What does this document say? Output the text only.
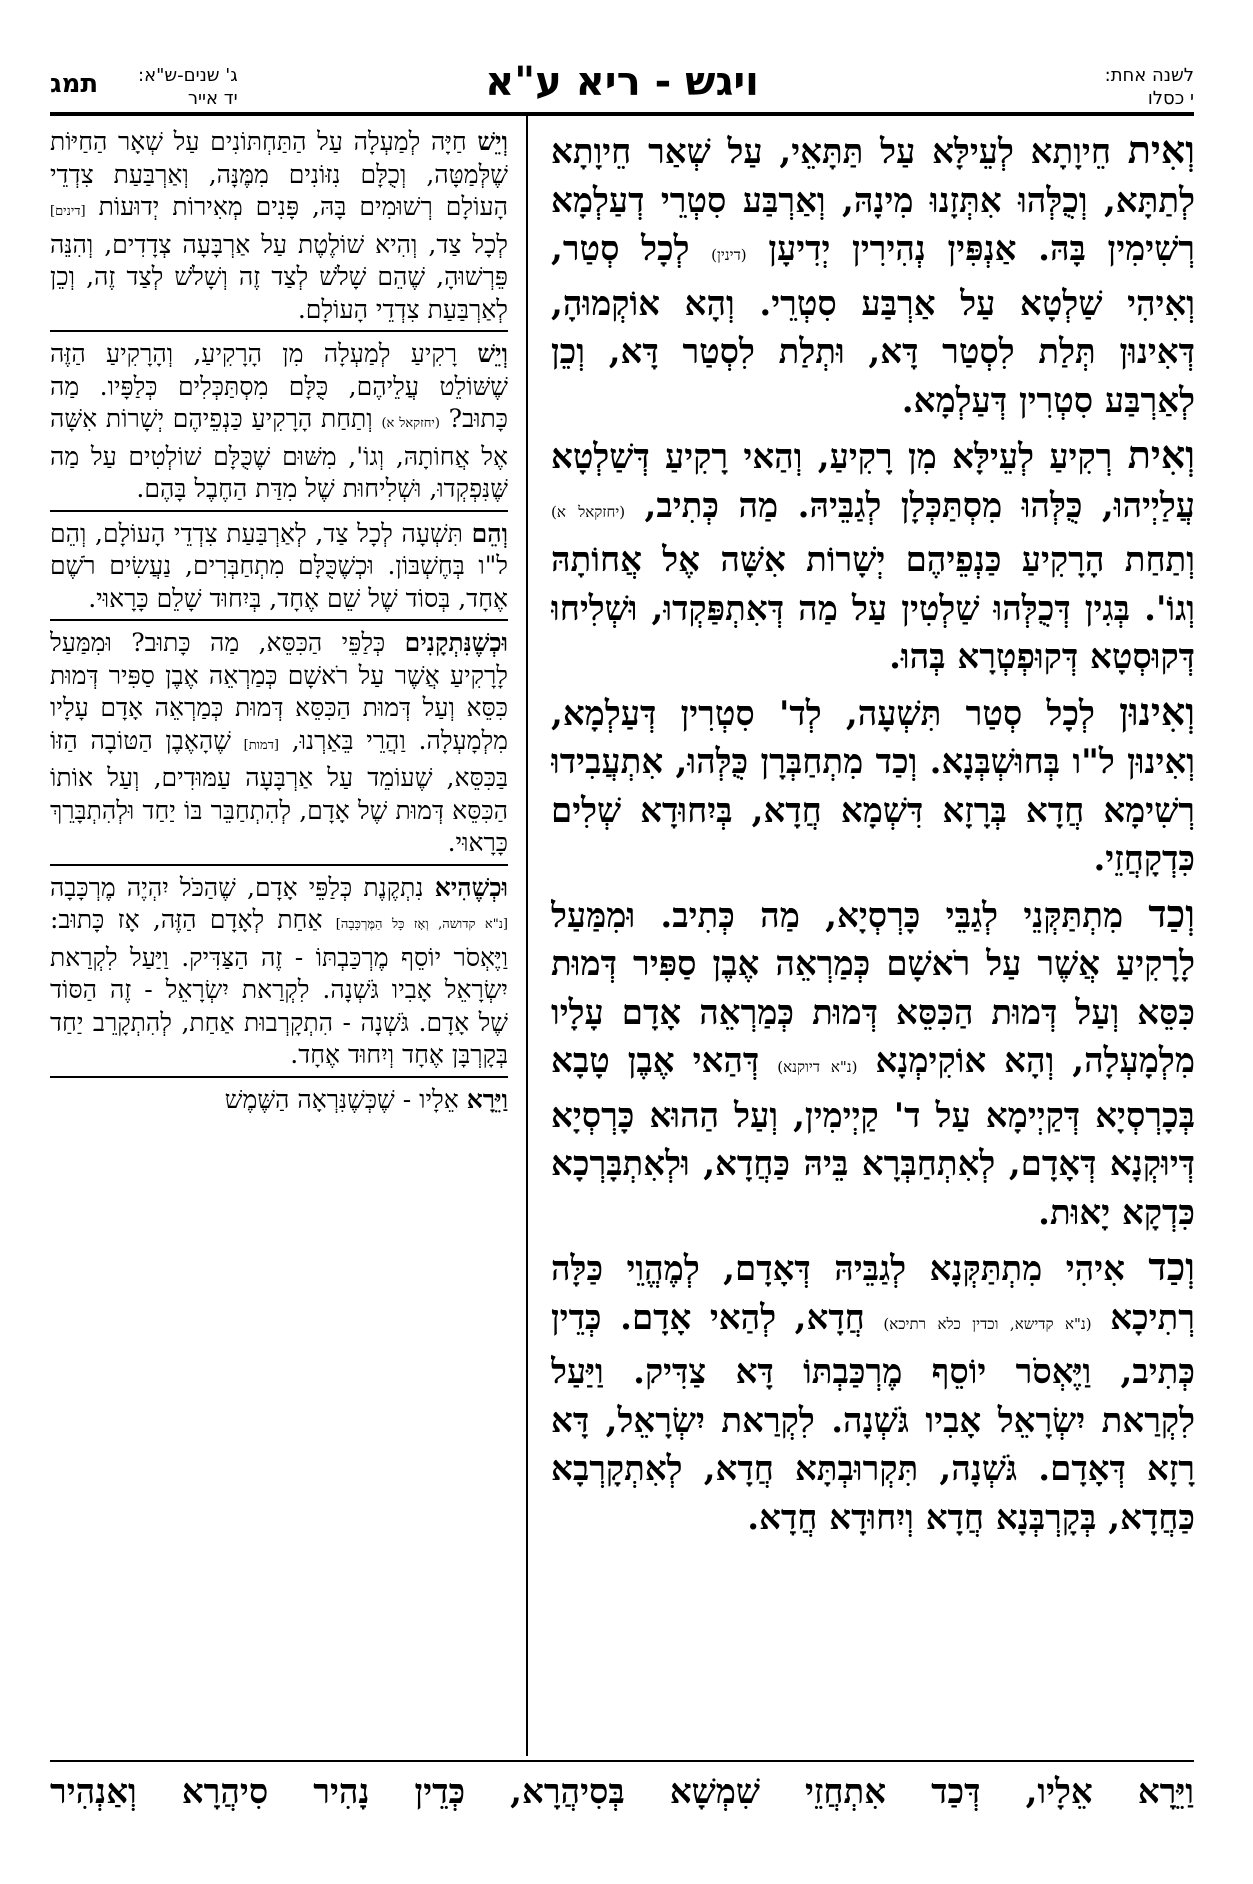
לשנה אחת:
י כסלו
ויגש - ריא ע"א
ג' שנים-ש"א:
יד אייר
תמג
וְאִית חֵיוָתָא לְעֵילָּא עַל תַּתָּאֵי, עַל שְׁאַר חֵיוָתָא לְתַתָּא, וְכֻלְּהוּ אִתְּזָנוּ מִינָהּ, וְאַרְבַּע סִטְרֵי דְעַלְמָא רְשִׁימִין בָּהּ. אַנְפִּין נְהִירִין יְדִיעָן (דינין) לְכָל סְטַר, וְאִיהִי שַׁלְטָא עַל אַרְבַּע סִטְרֵי. וְהָא אוֹקְמוּהָ, דְּאִינוּן תְּלַת לִסְטַר דָּא, וּתְלַת לִסְטַר דָּא, וְכֵן לְאַרְבַּע סִטְרִין דְּעַלְמָא.
וְאִית רְקִיעַ לְעֵילָּא מִן רָקִיעַ, וְהַאי רָקִיעַ דְּשַׁלְטָא עֲלַיְיהוּ, כֻּלְּהוּ מִסְתַּכְּלָן לְגַבֵּיהּ. מַה כְּתִיב, (יחזקאל א) וְתַחַת הָרָקִיעַ כַּנְפֵיהֶם יְשָׁרוֹת אִשָּׁה אֶל אֲחוֹתָהּ וְגוֹ'. בְּגִין דְּכֻלְּהוּ שַׁלְטִין עַל מַה דְּאִתְפַּקְדוּ, וּשְׁלִיחוּ דְּקוּסְטָא דְּקוּפְטְרָא בְּהוּ.
וְאִינוּן לְכָל סְטַר תִּשְׁעָה, לְד' סִטְרִין דְּעַלְמָא, וְאִינוּן ל"ו בְּחוּשְׁבְּנָא. וְכַד מִתְחַבְּרָן כֻּלְּהוּ, אִתְעֲבִידוּ רְשִׁימָא חֲדָא בְּרָזָא דִּשְׁמָא חֲדָא, בְּיִחוּדָא שְׁלִים כִּדְקָחֲזֵי.
וְכַד מִתְתַּקְּנֵי לְגַבֵּי כָּרְסְיָא, מַה כְּתִיב. וּמִמַּעַל לָרָקִיעַ אֲשֶׁר עַל רֹאשָׁם כְּמַרְאֵה אֶבֶן סַפִּיר דְּמוּת כִּסֵּא וְעַל דְּמוּת הַכִּסֵּא דְּמוּת כְּמַרְאֵה אָדָם עָלָיו מִלְמָעְלָה, וְהָא אוֹקִימְנָא (נ"א דיוקנא) דְּהַאי אֶבֶן טָבָא בְּכָרְסְיָא דְּקַיְימָא עַל ד' קַיְימִין, וְעַל הַהוּא כָּרְסְיָא דְּיוּקְנָא דְּאָדָם, לְאִתְחַבְּרָא בֵּיהּ כַּחֲדָא, וּלְאִתְבָּרְכָא כִּדְקָא יָאוּת.
וְכַד אִיהִי מִתְתַּקְּנָא לְגַבֵּיהּ דְּאָדָם, לְמֶהֱוֵי כַּלָּה רְתִיכָא (נ"א קדישא, וכדין כלא רתיכא) חֲדָא, לְהַאי אָדָם. כְּדֵין כְּתִיב, וַיֶּאְסֹר יוֹסֵף מֶרְכַּבְתּוֹ דָּא צַדִּיק. וַיַּעַל לִקְרַאת יִשְׂרָאֵל אָבִיו גֹּשְׁנָה. לִקְרַאת יִשְׂרָאֵל, דָּא רָזָא דְּאָדָם. גֹּשְׁנָה, תִּקְרוּבְתָּא חֲדָא, לְאִתְקָרְבָא כַּחֲדָא, בְּקָרְבְּנָא חֲדָא וְיִחוּדָא חֲדָא.
וְיֵשׁ חַיָּה לְמַעְלָה עַל הַתַּחְתּוֹנִים עַל שְׁאָר הַחַיּוֹת שֶׁלְּמַטָּה, וְכֻלָּם נִזּוֹנִים מִמֶּנָּה, וְאַרְבַּעַת צִדְדֵי הָעוֹלָם רְשׁוּמִים בָּהּ, פָּנִים מְאִירוֹת יְדוּעוֹת [דינים] לְכָל צַד, וְהִיא שׁוֹלֶטֶת עַל אַרְבָּעָה צְדָדִים, וְהִנֵּה פֵּרְשׁוּהָ, שֶׁהֵם שָׁלֹשׁ לְצַד זֶה וְשָׁלֹשׁ לְצַד זֶה, וְכֵן לְאַרְבַּעַת צִדְדֵי הָעוֹלָם.
וְיֵשׁ רָקִיעַ לְמַעְלָה מִן הָרָקִיעַ, וְהָרָקִיעַ הַזֶּה שֶׁשּׁוֹלֵט עֲלֵיהֶם, כֻּלָּם מִסְתַּכְּלִים כְּלַפָּיו. מַה כָּתוּב? (יחזקאל א) וְתַחַת הָרָקִיעַ כַּנְפֵיהֶם יְשָׁרוֹת אִשָּׁה אֶל אֲחוֹתָהּ, וְגוֹ', מִשּׁוּם שֶׁכֻּלָּם שׁוֹלְטִים עַל מַה שֶּׁנִּפְקְדוּ, וּשְׁלִיחוּת שֶׁל מִדַּת הַחֶבֶל בָּהֶם.
וְהֵם תִּשְׁעָה לְכָל צַד, לְאַרְבַּעַת צִדְדֵי הָעוֹלָם, וְהֵם ל"ו בְּחֶשְׁבּוֹן. וּכְשֶׁכֻּלָּם מִתְחַבְּרִים, נַעֲשִׂים רֹשֶׁם אֶחָד, בְּסוֹד שֶׁל שֵׁם אֶחָד, בְּיִחוּד שָׁלֵם כָּרָאוּי.
וּכְשֶׁנִּתְקָנִים כְּלַפֵּי הַכִּסֵּא, מַה כָּתוּב? וּמִמַּעַל לָרָקִיעַ אֲשֶׁר עַל רֹאשָׁם כְּמַרְאֵה אֶבֶן סַפִּיר דְּמוּת כִּסֵּא וְעַל דְּמוּת הַכִּסֵּא דְּמוּת כְּמַרְאֵה אָדָם עָלָיו מִלְמָעְלָה. וַהֲרֵי בֵּאַרְנוּ, [דמות] שֶׁהָאֶבֶן הַטּוֹבָה הַזּוֹ בַּכִּסֵּא, שֶׁעוֹמֵד עַל אַרְבָּעָה עַמּוּדִים, וְעַל אוֹתוֹ הַכִּסֵּא דְּמוּת שֶׁל אָדָם, לְהִתְחַבֵּר בּוֹ יַחַד וּלְהִתְבָּרֵךְ כָּרָאוּי.
וּכְשֶׁהִיא נִתְקֶנֶת כְּלַפֵּי אָדָם, שֶׁהַכֹּל יִהְיֶה מֶרְכָּבָה [נ"א קדושה, וְאָז כָּל הַמֶּרְכָּבָה] אַחַת לְאָדָם הַזֶּה, אָז כָּתוּב: וַיֶּאְסֹר יוֹסֵף מֶרְכַּבְתּוֹ - זֶה הַצַּדִּיק. וַיַּעַל לִקְרַאת יִשְׂרָאֵל אָבִיו גֹּשְׁנָה. לִקְרַאת יִשְׂרָאֵל - זֶה הַסּוֹד שֶׁל אָדָם. גֹּשְׁנָה - הִתְקָרְבוּת אַחַת, לְהִתְקָרֵב יַחַד בְּקָרְבָּן אֶחָד וְיִחוּד אֶחָד.
וַיֵּרָא אֵלָיו - שֶׁכְּשֶׁנִּרְאָה הַשֶּׁמֶשׁ
וַיֵּרָא אֵלָיו, דְּכַד אִתְחֲזֵי שִׁמְשָׁא בְּסִיהֲרָא, כְּדֵין נָהִיר סִיהֲרָא וְאַנְהִיר
